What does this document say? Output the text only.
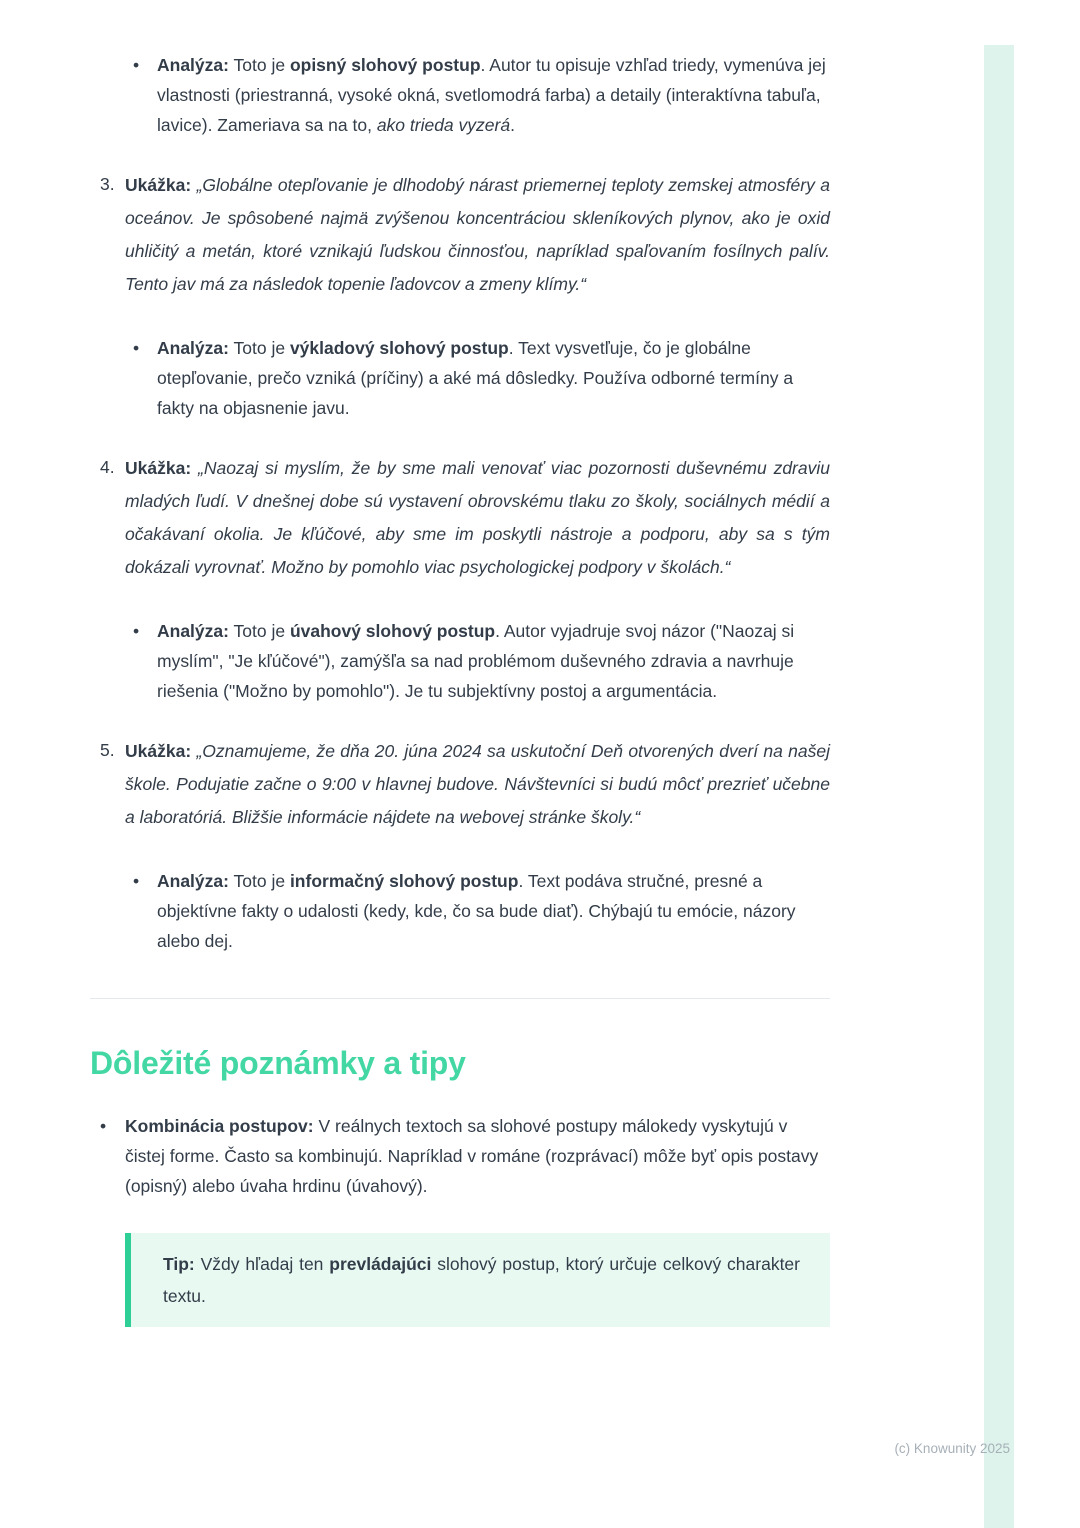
•	Analýza: Toto je opisný slohový postup. Autor tu opisuje vzhľad triedy, vymenúva jej vlastnosti (priestranná, vysoké okná, svetlomodrá farba) a detaily (interaktívna tabuľa, lavice). Zameriava sa na to, ako trieda vyzerá.

3. Ukážka: „Globálne otepľovanie je dlhodobý nárast priemernej teploty zemskej atmosféry a oceánov. Je spôsobené najmä zvýšenou koncentráciou skleníkových plynov, ako je oxid uhličitý a metán, ktoré vznikajú ľudskou činnosťou, napríklad spaľovaním fosílnych palív. Tento jav má za následok topenie ľadovcov a zmeny klímy.“

•	Analýza: Toto je výkladový slohový postup. Text vysvetľuje, čo je globálne otepľovanie, prečo vzniká (príčiny) a aké má dôsledky. Používa odborné termíny a fakty na objasnenie javu.

4. Ukážka: „Naozaj si myslím, že by sme mali venovať viac pozornosti duševnému zdraviu mladých ľudí. V dnešnej dobe sú vystavení obrovskému tlaku zo školy, sociálnych médií a očakávaní okolia. Je kľúčové, aby sme im poskytli nástroje a podporu, aby sa s tým dokázali vyrovnať. Možno by pomohlo viac psychologickej podpory v školách.“

•	Analýza: Toto je úvahový slohový postup. Autor vyjadruje svoj názor ("Naozaj si myslím", "Je kľúčové"), zamýšľa sa nad problémom duševného zdravia a navrhuje riešenia ("Možno by pomohlo"). Je tu subjektívny postoj a argumentácia.

5. Ukážka: „Oznamujeme, že dňa 20. júna 2024 sa uskutoční Deň otvorených dverí na našej škole. Podujatie začne o 9:00 v hlavnej budove. Návštevníci si budú môcť prezrieť učebne a laboratóriá. Bližšie informácie nájdete na webovej stránke školy.“

•	Analýza: Toto je informačný slohový postup. Text podáva stručné, presné a objektívne fakty o udalosti (kedy, kde, čo sa bude diať). Chýbajú tu emócie, názory alebo dej.

Dôležité poznámky a tipy
•	Kombinácia postupov: V reálnych textoch sa slohové postupy málokedy vyskytujú v čistej forme. Často sa kombinujú. Napríklad v románe (rozprávací) môže byť opis postavy (opisný) alebo úvaha hrdinu (úvahový).

Tip: Vždy hľadaj ten prevládajúci slohový postup, ktorý určuje celkový charakter textu.

(c) Knowunity 2025
